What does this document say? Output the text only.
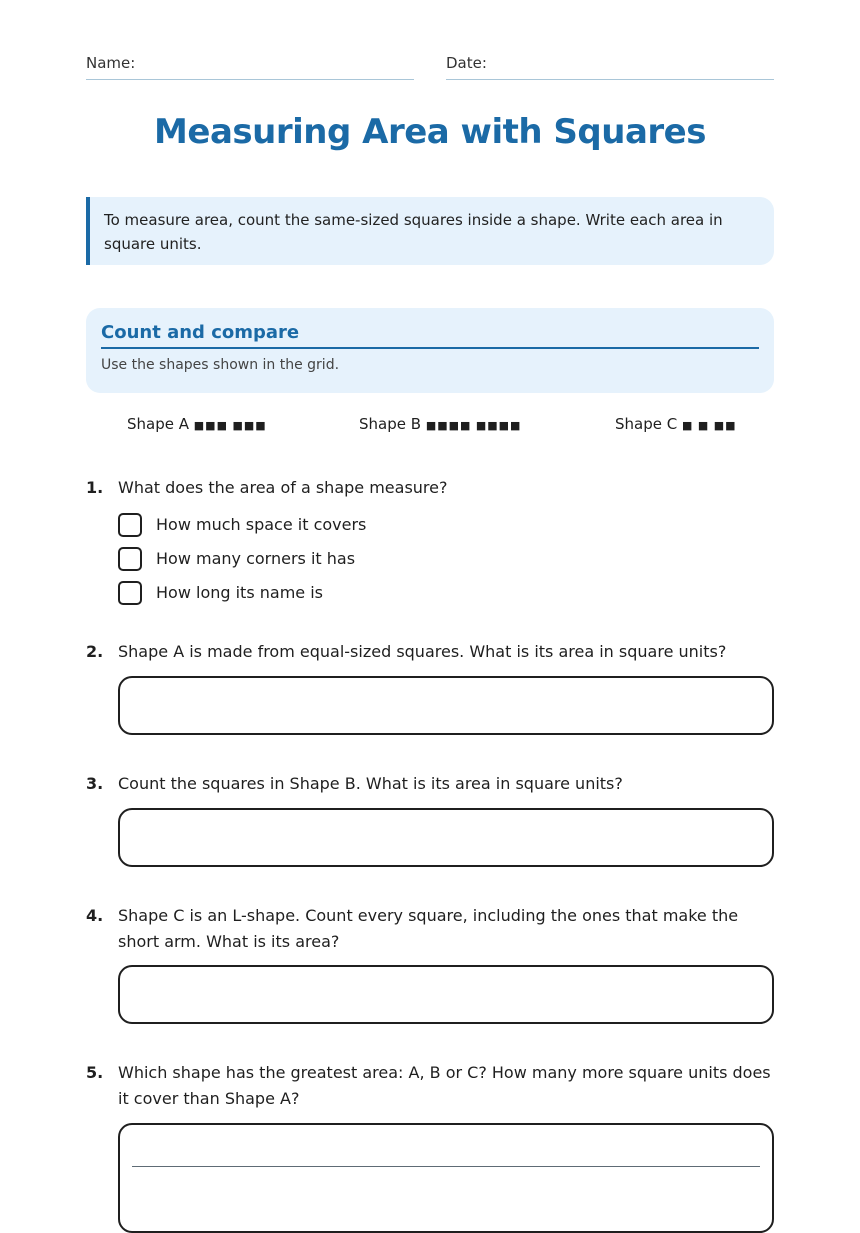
Name:	Date:
Measuring Area with Squares
To measure area, count the same-sized squares inside a shape. Write each area in square units.
Count and compare
Use the shapes shown in the grid.
Shape A ■■■ ■■■	Shape B ■■■■ ■■■■	Shape C ■ ■ ■■
1. What does the area of a shape measure?
How much space it covers
How many corners it has
How long its name is
2. Shape A is made from equal-sized squares. What is its area in square units?
3. Count the squares in Shape B. What is its area in square units?
4. Shape C is an L-shape. Count every square, including the ones that make the short arm. What is its area?
5. Which shape has the greatest area: A, B or C? How many more square units does it cover than Shape A?
